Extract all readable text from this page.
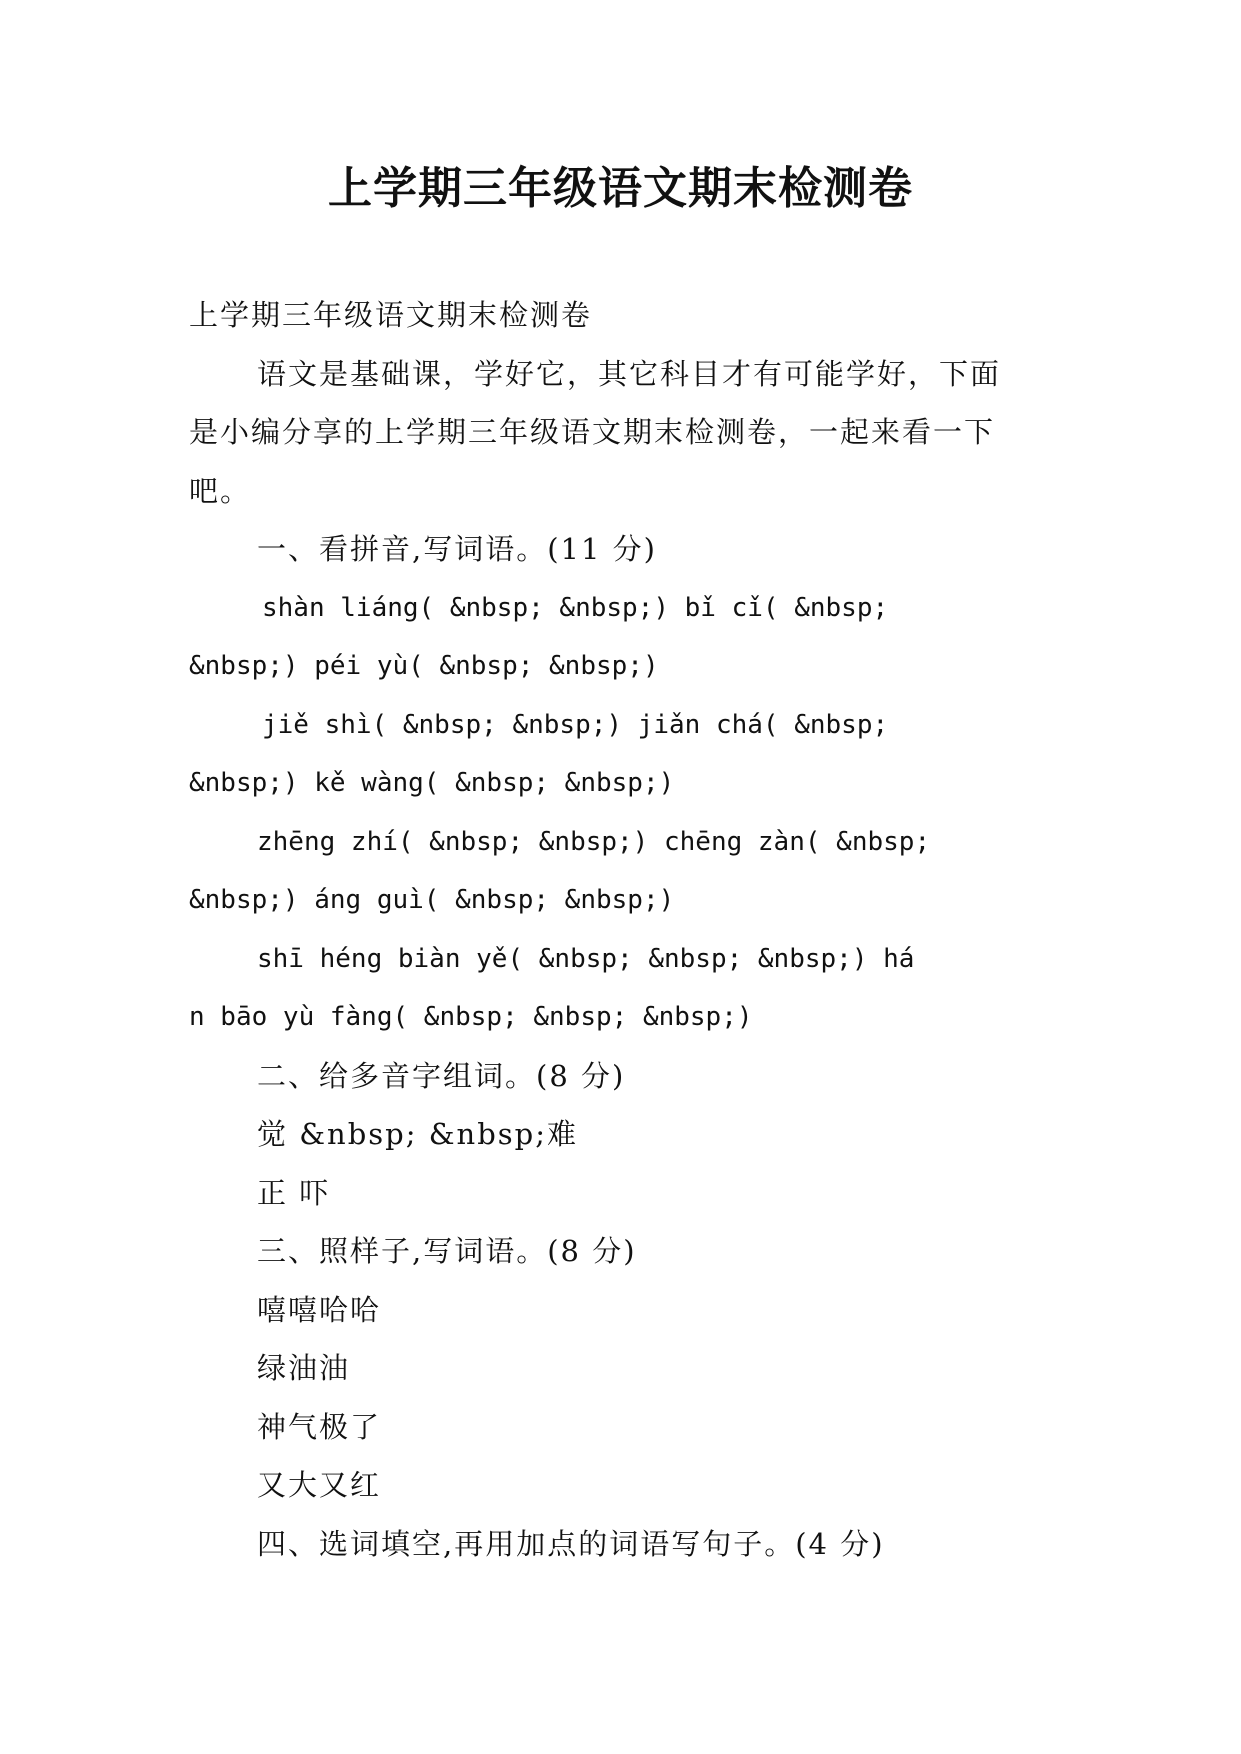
上学期三年级语文期末检测卷
上学期三年级语文期末检测卷
语文是基础课，学好它，其它科目才有可能学好，下面
是小编分享的上学期三年级语文期末检测卷，一起来看一下
吧。
一、看拼音,写词语。(11 分)
shàn liáng( &nbsp; &nbsp;) bǐ cǐ( &nbsp;
&nbsp;) péi yù( &nbsp; &nbsp;)
jiě shì( &nbsp; &nbsp;) jiǎn chá( &nbsp;
&nbsp;) kě wàng( &nbsp; &nbsp;)
zhēng zhí( &nbsp; &nbsp;) chēng zàn( &nbsp;
&nbsp;) áng guì( &nbsp; &nbsp;)
shī héng biàn yě( &nbsp; &nbsp; &nbsp;) há
n bāo yù fàng( &nbsp; &nbsp; &nbsp;)
二、给多音字组词。(8 分)
觉 &nbsp; &nbsp;难
正 吓
三、照样子,写词语。(8 分)
嘻嘻哈哈
绿油油
神气极了
又大又红
四、选词填空,再用加点的词语写句子。(4 分)
